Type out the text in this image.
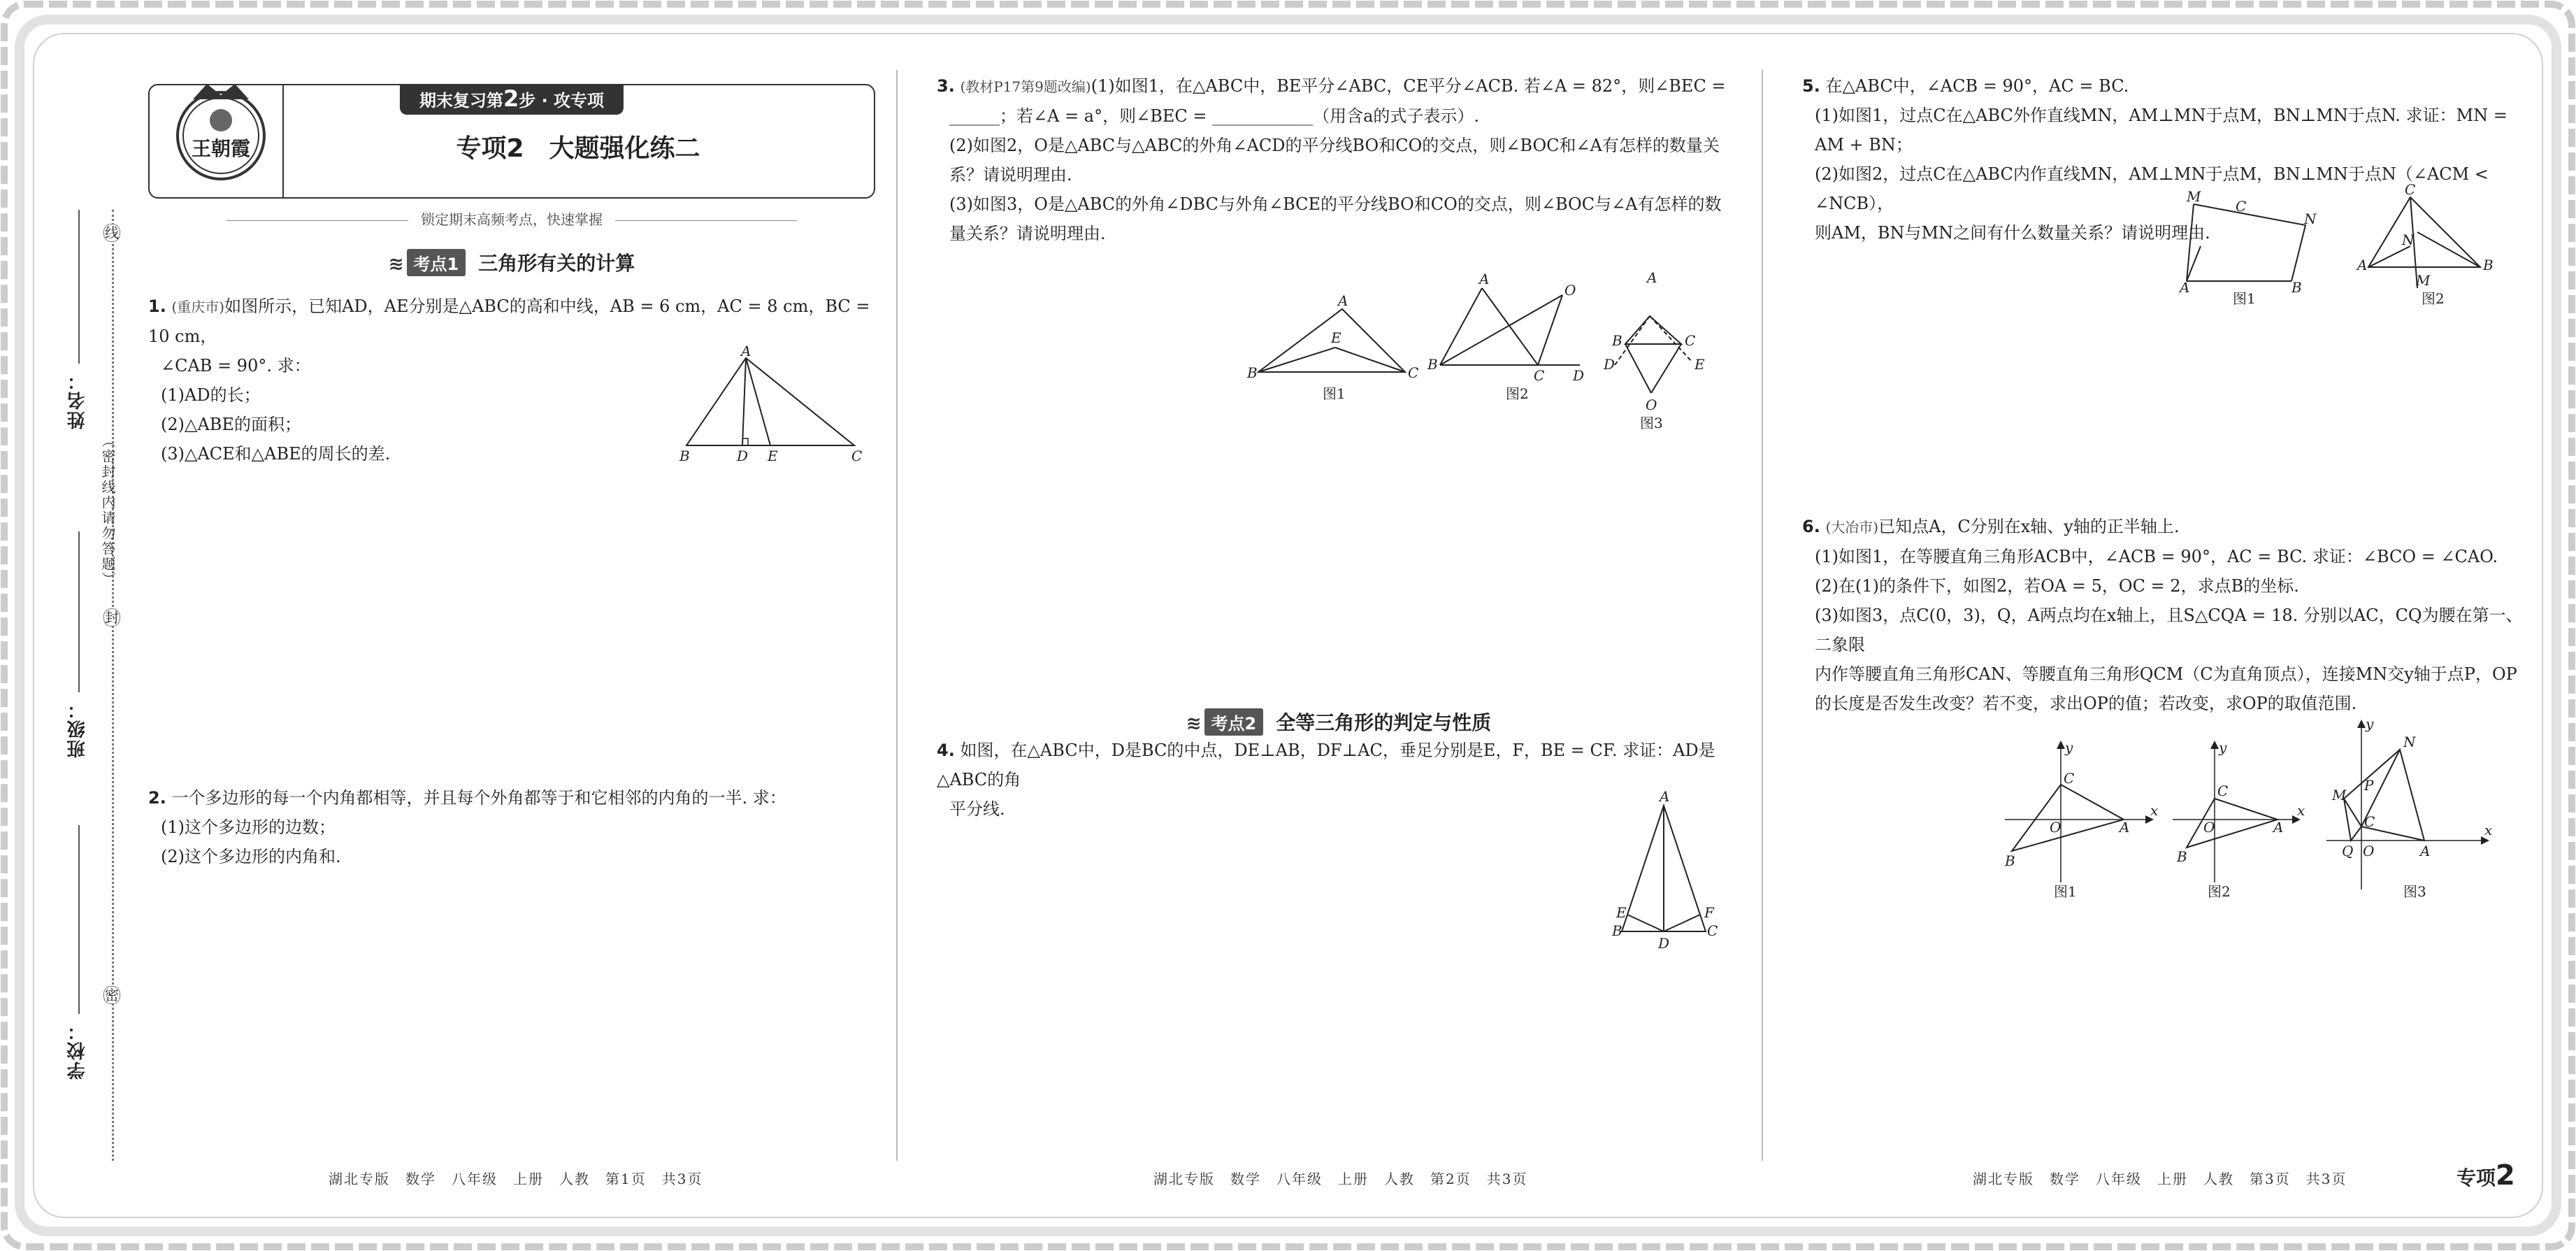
姓名：
班级：
学校：
线
封
密
（密封线内请勿答题）
王朝霞
期末复习第2步 · 攻专项
专项2　大题强化练二
锁定期末高频考点，快速掌握
≋ 考点1 三角形有关的计算

1. (重庆市)如图所示，已知AD，AE分别是△ABC的高和中线，AB = 6 cm，AC = 8 cm，BC = 10 cm，

∠CAB = 90°. 求：

(1)AD的长；

(2)△ABE的面积；

(3)△ACE和△ABE的周长的差.

A
B	D E	C

2. 一个多边形的每一个内角都相等，并且每个外角都等于和它相邻的内角的一半. 求：

(1)这个多边形的边数；

(2)这个多边形的内角和.

湖北专版　数学　八年级　上册　人教　第1页　共3页

3. (教材P17第9题改编)(1)如图1，在△ABC中，BE平分∠ABC，CE平分∠ACB. 若∠A = 82°，则∠BEC =

______；若∠A = a°，则∠BEC = ____________（用含a的式子表示）.

(2)如图2，O是△ABC与△ABC的外角∠ACD的平分线BO和CO的交点，则∠BOC和∠A有怎样的数量关

系？请说明理由.

(3)如图3，O是△ABC的外角∠DBC与外角∠BCE的平分线BO和CO的交点，则∠BOC与∠A有怎样的数

量关系？请说明理由.

A
B
E
C
图1
A
B
C D
O
图2
A
B	C
D	E
O
图3
≋ 考点2 全等三角形的判定与性质

4. 如图，在△ABC中，D是BC的中点，DE⊥AB，DF⊥AC，垂足分别是E，F，BE = CF. 求证：AD是△ABC的角

平分线.

A
B
E	F
C
D
湖北专版　数学　八年级　上册　人教　第2页　共3页

5. 在△ABC中，∠ACB = 90°，AC = BC.

(1)如图1，过点C在△ABC外作直线MN，AM⊥MN于点M，BN⊥MN于点N. 求证：MN = AM + BN；

(2)如图2，过点C在△ABC内作直线MN，AM⊥MN于点M，BN⊥MN于点N（∠ACM < ∠NCB），

则AM，BN与MN之间有什么数量关系？请说明理由.

M
C
N
A	B
图1
C
A	B
N
M
图2

6. (大冶市)已知点A，C分别在x轴、y轴的正半轴上.

(1)如图1，在等腰直角三角形ACB中，∠ACB = 90°，AC = BC. 求证：∠BCO = ∠CAO.

(2)在(1)的条件下，如图2，若OA = 5，OC = 2，求点B的坐标.

(3)如图3，点C(0，3)，Q，A两点均在x轴上，且S△CQA = 18. 分别以AC，CQ为腰在第一、二象限

内作等腰直角三角形CAN、等腰直角三角形QCM（C为直角顶点），连接MN交y轴于点P，OP

的长度是否发生改变？若不变，求出OP的值；若改变，求OP的取值范围.

y
x
C
O	A
B
图1
y
x
C
O	A
B
图2
y
x
N
P
M
C
Q O	A
图3
湖北专版　数学　八年级　上册　人教　第3页　共3页	专项2
